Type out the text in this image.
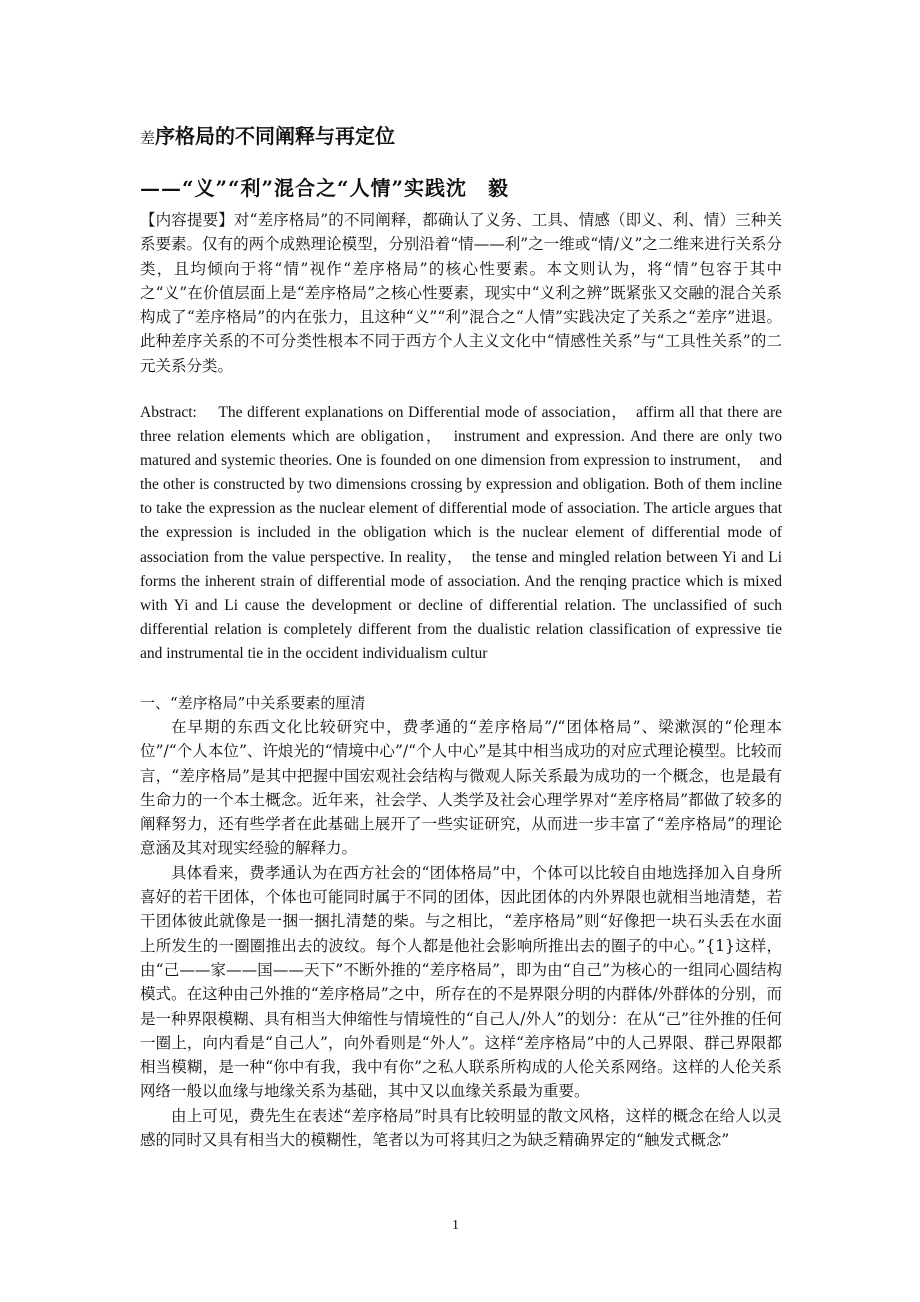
差序格局的不同阐释与再定位
——“义”“利”混合之“人情”实践沈　毅
【内容提要】对“差序格局”的不同阐释，都确认了义务、工具、情感（即义、利、情）三种关系要素。仅有的两个成熟理论模型，分别沿着“情——利”之一维或“情/义”之二维来进行关系分类，且均倾向于将“情”视作“差序格局”的核心性要素。本文则认为，将“情”包容于其中之“义”在价值层面上是“差序格局”之核心性要素，现实中“义利之辨”既紧张又交融的混合关系构成了“差序格局”的内在张力，且这种“义”“利”混合之“人情”实践决定了关系之“差序”进退。此种差序关系的不可分类性根本不同于西方个人主义文化中“情感性关系”与“工具性关系”的二元关系分类。
Abstract:　 The different explanations on Differential mode of association，　affirm all that there are three relation elements which are obligation，　instrument and expression. And there are only two matured and systemic theories. One is founded on one dimension from expression to instrument，　and the other is constructed by two dimensions crossing by expression and obligation. Both of them incline to take the expression as the nuclear element of differential mode of association. The article argues that the expression is included in the obligation which is the nuclear element of differential mode of association from the value perspective. In reality，　the tense and mingled relation between Yi and Li forms the inherent strain of differential mode of association. And the renqing practice which is mixed with Yi and Li cause the development or decline of differential relation. The unclassified of such differential relation is completely different from the dualistic relation classification of expressive tie and instrumental tie in the occident individualism cultur
一、“差序格局”中关系要素的厘清

在早期的东西文化比较研究中，费孝通的“差序格局”/“团体格局”、梁漱溟的“伦理本位”/“个人本位”、许烺光的“情境中心”/“个人中心”是其中相当成功的对应式理论模型。比较而言，“差序格局”是其中把握中国宏观社会结构与微观人际关系最为成功的一个概念，也是最有生命力的一个本土概念。近年来，社会学、人类学及社会心理学界对“差序格局”都做了较多的阐释努力，还有些学者在此基础上展开了一些实证研究，从而进一步丰富了“差序格局”的理论意涵及其对现实经验的解释力。

具体看来，费孝通认为在西方社会的“团体格局”中，个体可以比较自由地选择加入自身所喜好的若干团体，个体也可能同时属于不同的团体，因此团体的内外界限也就相当地清楚，若干团体彼此就像是一捆一捆扎清楚的柴。与之相比，“差序格局”则“好像把一块石头丢在水面上所发生的一圈圈推出去的波纹。每个人都是他社会影响所推出去的圈子的中心。”{1}这样，由“己——家——国——天下”不断外推的“差序格局”，即为由“自己”为核心的一组同心圆结构模式。在这种由己外推的“差序格局”之中，所存在的不是界限分明的内群体/外群体的分别，而是一种界限模糊、具有相当大伸缩性与情境性的“自己人/外人”的划分：在从“己”往外推的任何一圈上，向内看是“自己人”，向外看则是“外人”。这样“差序格局”中的人己界限、群己界限都相当模糊，是一种“你中有我，我中有你”之私人联系所构成的人伦关系网络。这样的人伦关系网络一般以血缘与地缘关系为基础，其中又以血缘关系最为重要。

由上可见，费先生在表述“差序格局”时具有比较明显的散文风格，这样的概念在给人以灵感的同时又具有相当大的模糊性，笔者以为可将其归之为缺乏精确界定的“触发式概念”

1
